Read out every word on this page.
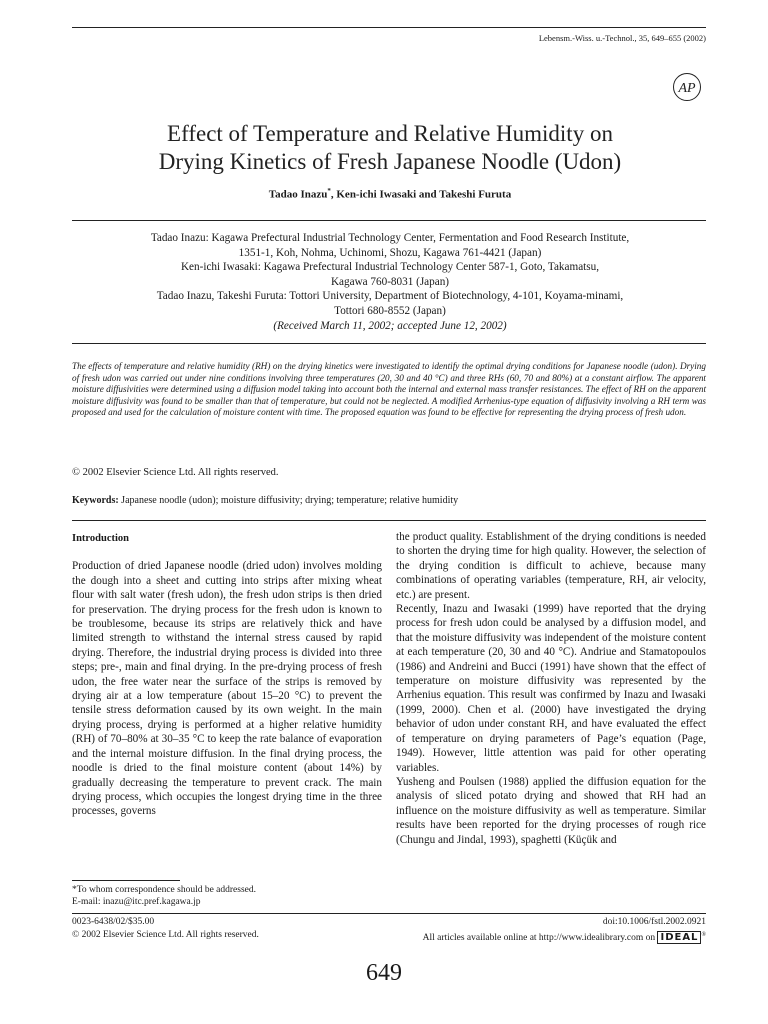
Lebensm.-Wiss. u.-Technol., 35, 649–655 (2002)
AP
Effect of Temperature and Relative Humidity on
Drying Kinetics of Fresh Japanese Noodle (Udon)
Tadao Inazu*, Ken-ichi Iwasaki and Takeshi Furuta
Tadao Inazu: Kagawa Prefectural Industrial Technology Center, Fermentation and Food Research Institute,
1351-1, Koh, Nohma, Uchinomi, Shozu, Kagawa 761-4421 (Japan)
Ken-ichi Iwasaki: Kagawa Prefectural Industrial Technology Center 587-1, Goto, Takamatsu,
Kagawa 760-8031 (Japan)
Tadao Inazu, Takeshi Furuta: Tottori University, Department of Biotechnology, 4-101, Koyama-minami,
Tottori 680-8552 (Japan)
(Received March 11, 2002; accepted June 12, 2002)
The effects of temperature and relative humidity (RH) on the drying kinetics were investigated to identify the optimal drying conditions for Japanese noodle (udon). Drying of fresh udon was carried out under nine conditions involving three temperatures (20, 30 and 40 °C) and three RHs (60, 70 and 80%) at a constant airflow. The apparent moisture diffusivities were determined using a diffusion model taking into account both the internal and external mass transfer resistances. The effect of RH on the apparent moisture diffusivity was found to be smaller than that of temperature, but could not be neglected. A modified Arrhenius-type equation of diffusivity involving a RH term was proposed and used for the calculation of moisture content with time. The proposed equation was found to be effective for representing the drying process of fresh udon.
© 2002 Elsevier Science Ltd. All rights reserved.
Keywords: Japanese noodle (udon); moisture diffusivity; drying; temperature; relative humidity
Introduction

Production of dried Japanese noodle (dried udon) involves molding the dough into a sheet and cutting into strips after mixing wheat flour with salt water (fresh udon), the fresh udon strips is then dried for preservation. The drying process for the fresh udon is known to be troublesome, because its strips are relatively thick and have limited strength to withstand the internal stress caused by rapid drying. Therefore, the industrial drying process is divided into three steps; pre-, main and final drying. In the pre-drying process of fresh udon, the free water near the surface of the strips is removed by drying air at a low temperature (about 15–20 °C) to prevent the tensile stress deformation caused by its own weight. In the main drying process, drying is performed at a higher relative humidity (RH) of 70–80% at 30–35 °C to keep the rate balance of evaporation and the internal moisture diffusion. In the final drying process, the noodle is dried to the final moisture content (about 14%) by gradually decreasing the temperature to prevent crack. The main drying process, which occupies the longest drying time in the three processes, governs

the product quality. Establishment of the drying conditions is needed to shorten the drying time for high quality. However, the selection of the drying condition is difficult to achieve, because many combinations of operating variables (temperature, RH, air velocity, etc.) are present.

Recently, Inazu and Iwasaki (1999) have reported that the drying process for fresh udon could be analysed by a diffusion model, and that the moisture diffusivity was independent of the moisture content at each temperature (20, 30 and 40 °C). Andriue and Stamatopoulos (1986) and Andreini and Bucci (1991) have shown that the effect of temperature on moisture diffusivity was represented by the Arrhenius equation. This result was confirmed by Inazu and Iwasaki (1999, 2000). Chen et al. (2000) have investigated the drying behavior of udon under constant RH, and have evaluated the effect of temperature on drying parameters of Page’s equation (Page, 1949). However, little attention was paid for other operating variables.

Yusheng and Poulsen (1988) applied the diffusion equation for the analysis of sliced potato drying and showed that RH had an influence on the moisture diffusivity as well as temperature. Similar results have been reported for the drying processes of rough rice (Chungu and Jindal, 1993), spaghetti (Küçük and

*To whom correspondence should be addressed.
E-mail: inazu@itc.pref.kagawa.jp
0023-6438/02/$35.00
© 2002 Elsevier Science Ltd. All rights reserved.
doi:10.1006/fstl.2002.0921
All articles available online at http://www.idealibrary.com on IDEAL ®
649
